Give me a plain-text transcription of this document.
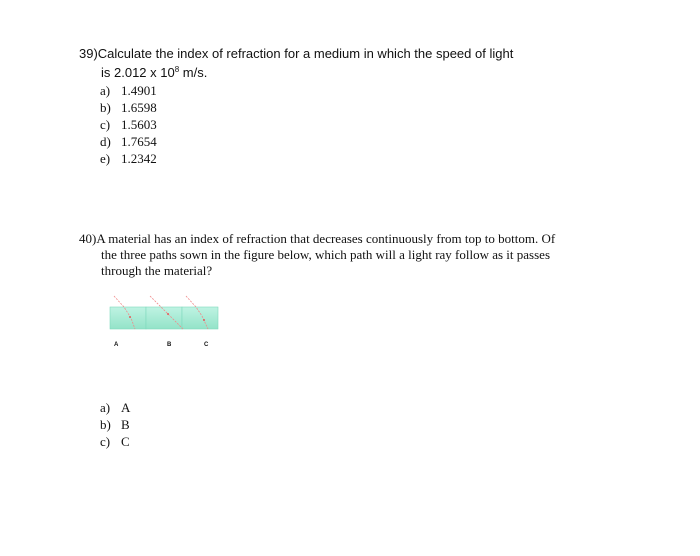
39)Calculate the index of refraction for a medium in which the speed of light
is 2.012 x $10^8$ m/s.
a) 1.4901
b) 1.6598
c) 1.5603
d) 1.7654
e) 1.2342
40)A material has an index of refraction that decreases continuously from top to bottom. Of
the three paths sown in the figure below, which path will a light ray follow as it passes
through the material?
A	B	C
a) A
b) B
c) C
